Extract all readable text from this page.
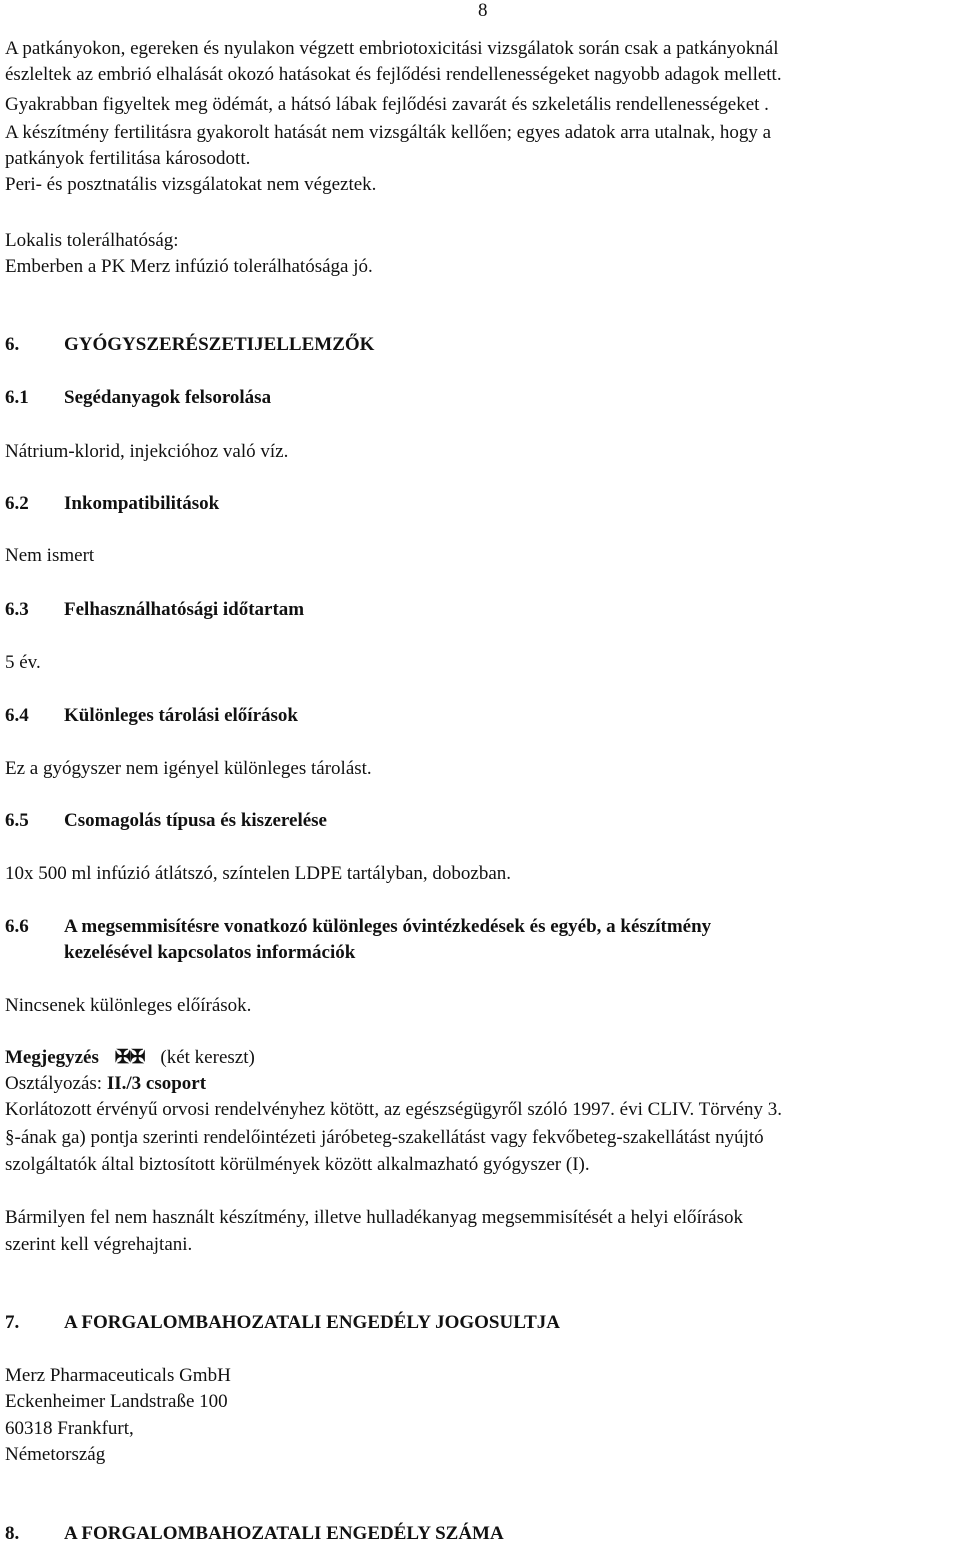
8
A patkányokon, egereken és nyulakon végzett embriotoxicitási vizsgálatok során csak a patkányoknál
észleltek az embrió elhalását okozó hatásokat és fejlődési rendellenességeket nagyobb adagok mellett.
Gyakrabban figyeltek meg ödémát, a hátsó lábak fejlődési zavarát és szkeletális rendellenességeket .
A készítmény fertilitásra gyakorolt hatását nem vizsgálták kellően; egyes adatok arra utalnak, hogy a
patkányok fertilitása károsodott.
Peri- és posztnatális vizsgálatokat nem végeztek.
Lokalis tolerálhatóság:
Emberben a PK Merz infúzió tolerálhatósága jó.
6. GYÓGYSZERÉSZETIJELLEMZŐK
6.1 Segédanyagok felsorolása
Nátrium-klorid, injekcióhoz való víz.
6.2 Inkompatibilitások
Nem ismert
6.3 Felhasználhatósági időtartam
5 év.
6.4 Különleges tárolási előírások
Ez a gyógyszer nem igényel különleges tárolást.
6.5 Csomagolás típusa és kiszerelése
10x 500 ml infúzió átlátszó, színtelen LDPE tartályban, dobozban.
6.6 A megsemmisítésre vonatkozó különleges óvintézkedések és egyéb, a készítmény
kezelésével kapcsolatos információk
Nincsenek különleges előírások.
Megjegyzés ✠✠ (két kereszt)
Osztályozás: II./3 csoport
Korlátozott érvényű orvosi rendelvényhez kötött, az egészségügyről szóló 1997. évi CLIV. Törvény 3.
§-ának ga) pontja szerinti rendelőintézeti járóbeteg-szakellátást vagy fekvőbeteg-szakellátást nyújtó
szolgáltatók által biztosított körülmények között alkalmazható gyógyszer (I).
Bármilyen fel nem használt készítmény, illetve hulladékanyag megsemmisítését a helyi előírások
szerint kell végrehajtani.
7. A FORGALOMBAHOZATALI ENGEDÉLY JOGOSULTJA
Merz Pharmaceuticals GmbH
Eckenheimer Landstraße 100
60318 Frankfurt,
Németország
8. A FORGALOMBAHOZATALI ENGEDÉLY SZÁMA
